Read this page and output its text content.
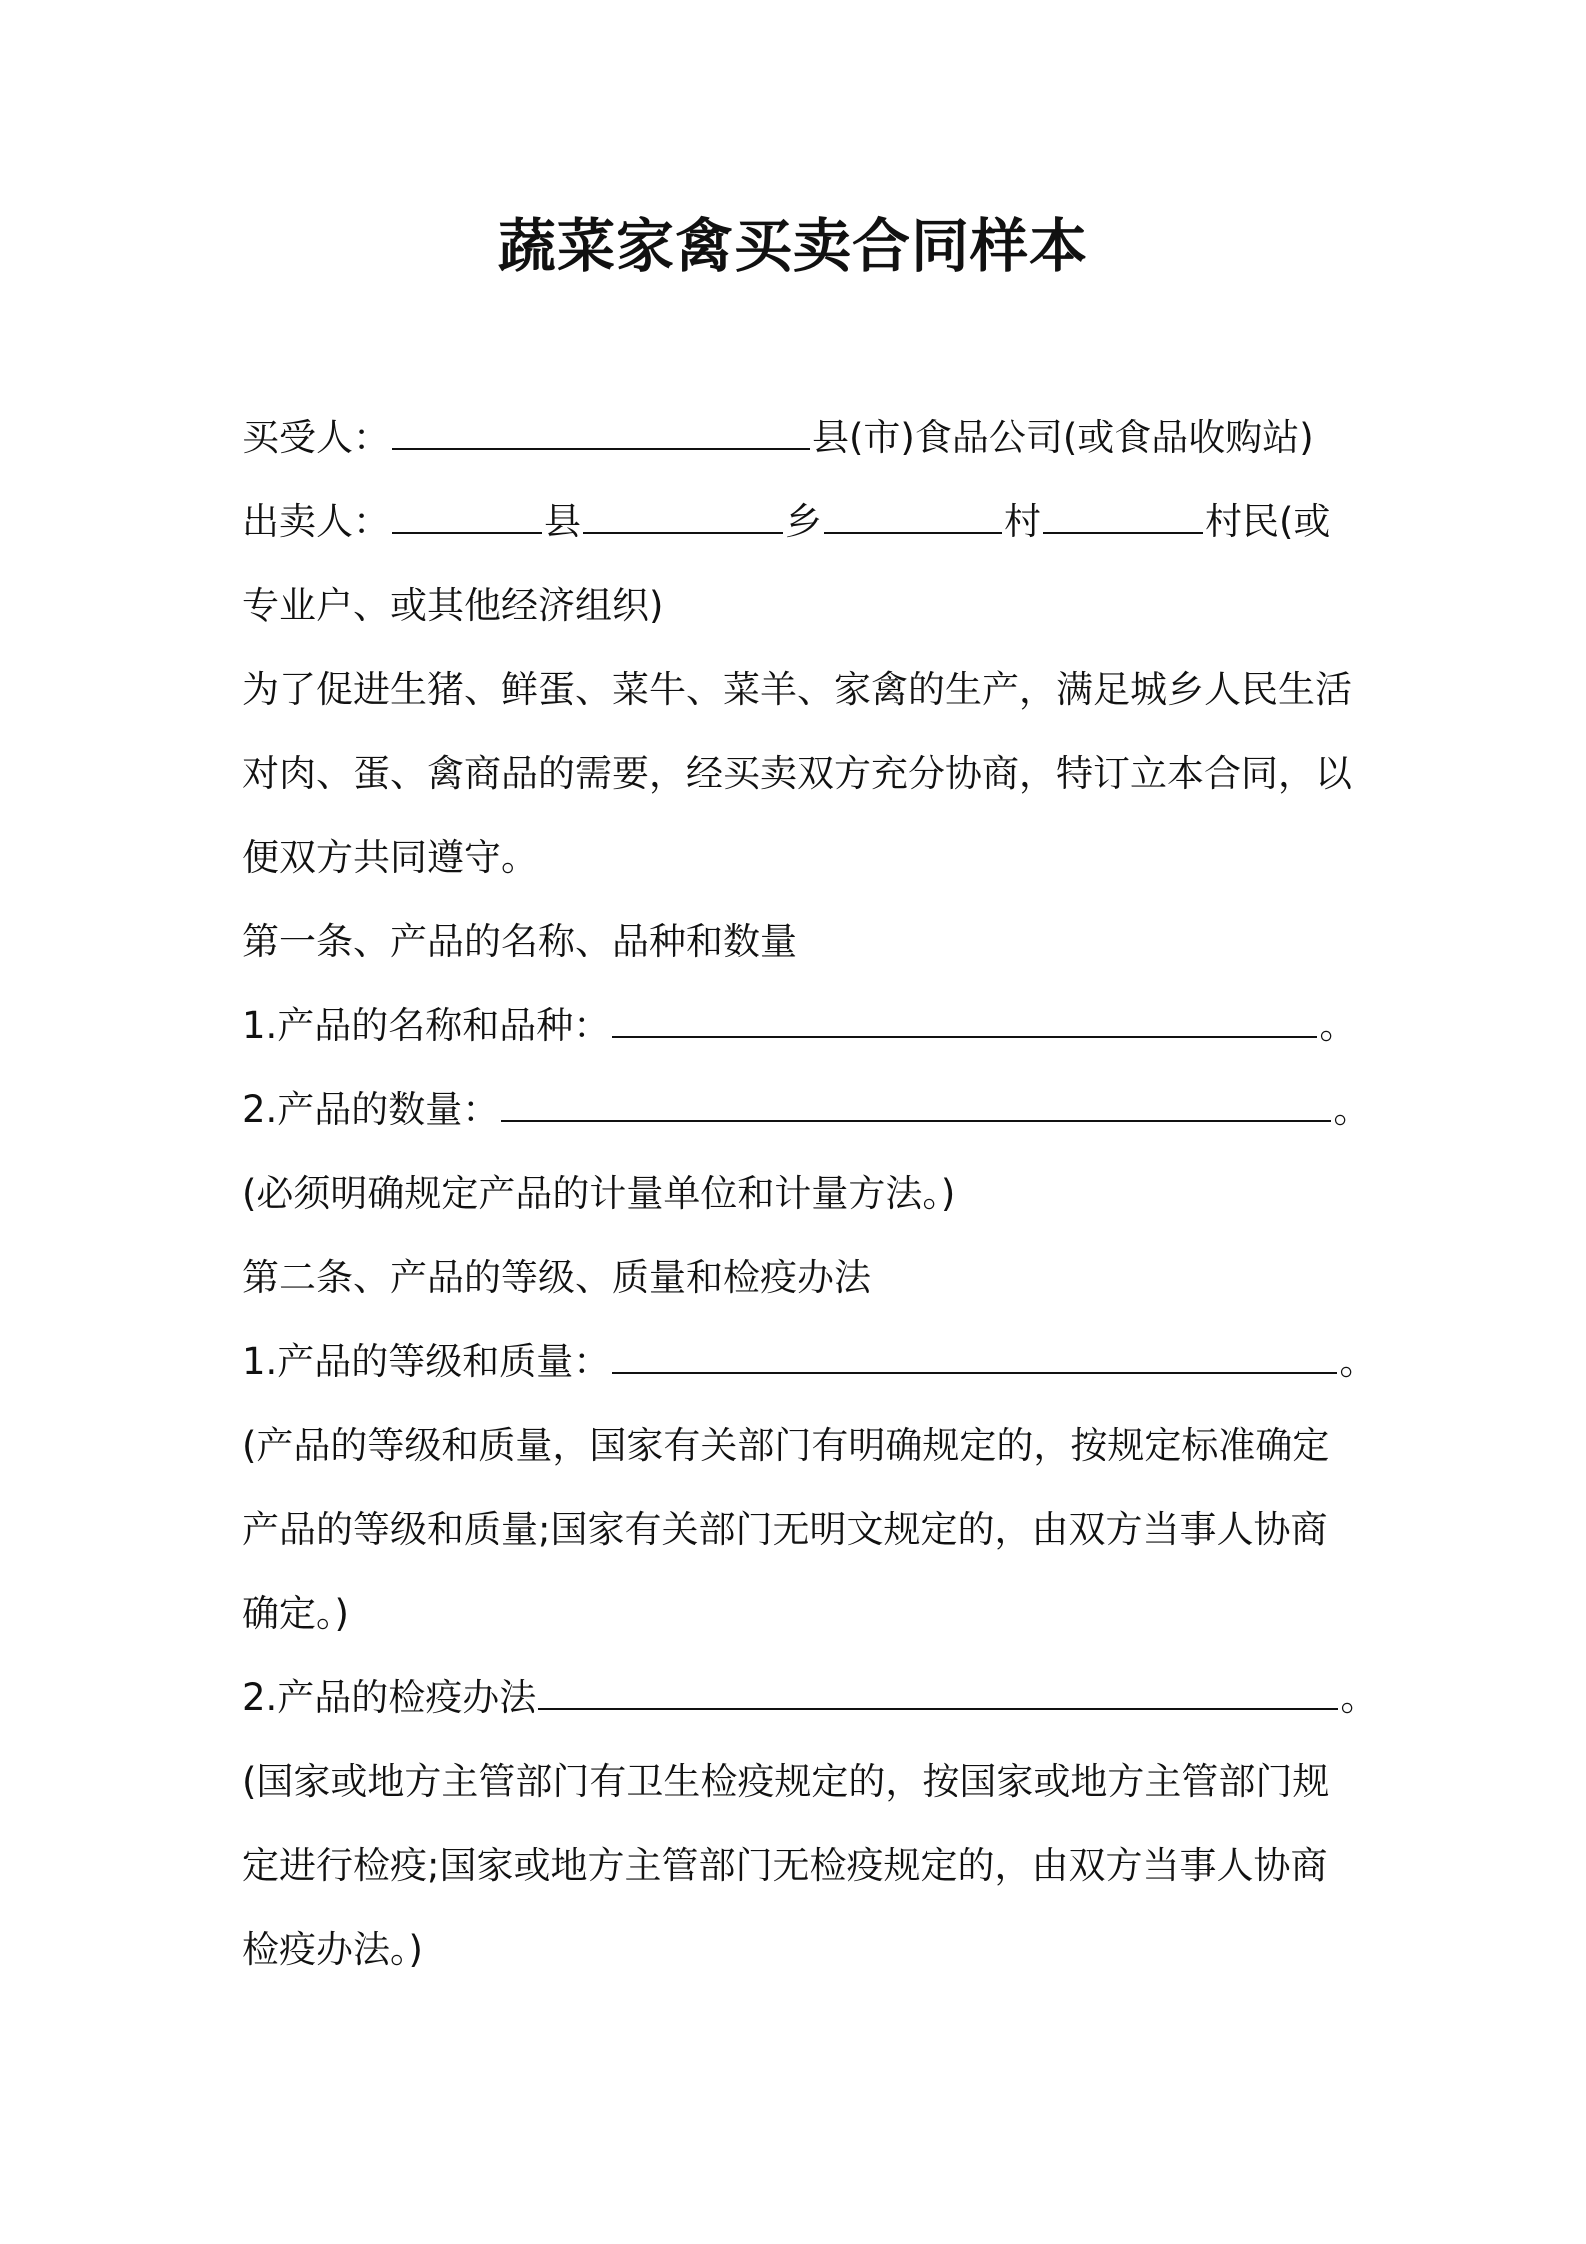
蔬菜家禽买卖合同样本
买受人：	县(市)食品公司(或食品收购站)
出卖人：	县	乡	村	村民(或
专业户、或其他经济组织)
为了促进生猪、鲜蛋、菜牛、菜羊、家禽的生产，满足城乡人民生活
对肉、蛋、禽商品的需要，经买卖双方充分协商，特订立本合同，以
便双方共同遵守。
第一条、产品的名称、品种和数量
1.产品的名称和品种：	。
2.产品的数量：	。
(必须明确规定产品的计量单位和计量方法。)
第二条、产品的等级、质量和检疫办法
1.产品的等级和质量：	。
(产品的等级和质量，国家有关部门有明确规定的，按规定标准确定
产品的等级和质量;国家有关部门无明文规定的，由双方当事人协商
确定。)
2.产品的检疫办法	。
(国家或地方主管部门有卫生检疫规定的，按国家或地方主管部门规
定进行检疫;国家或地方主管部门无检疫规定的，由双方当事人协商
检疫办法。)
